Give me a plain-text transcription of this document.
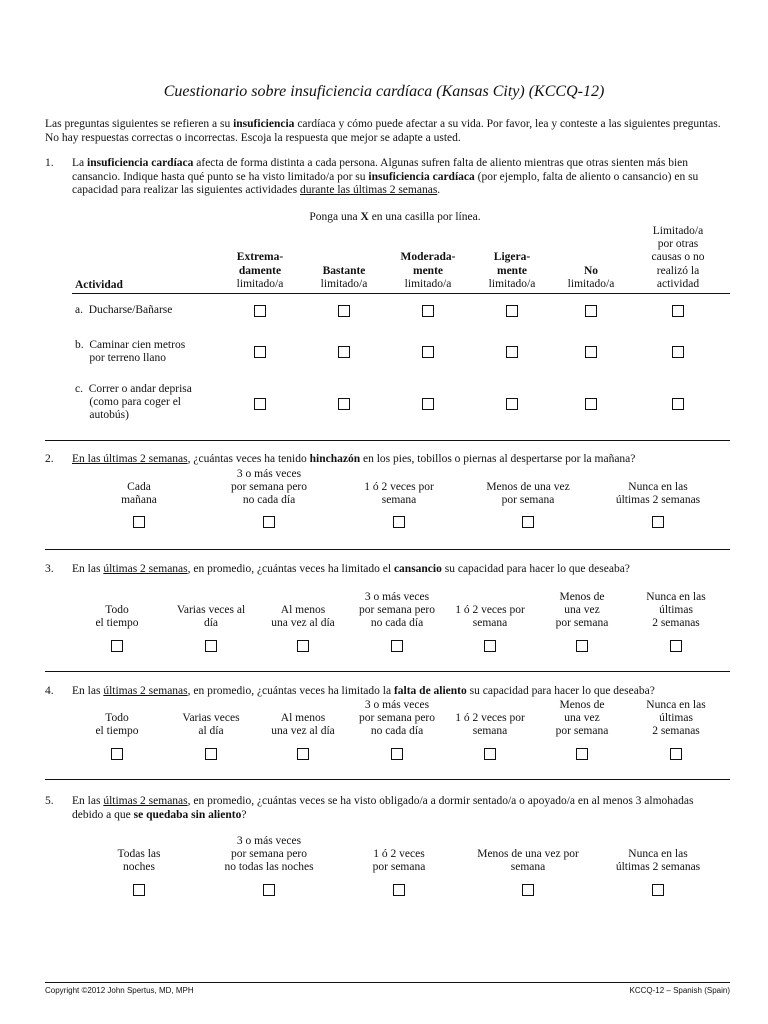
Cuestionario sobre insuficiencia cardíaca (Kansas City) (KCCQ-12)
Las preguntas siguientes se refieren a su insuficiencia cardíaca y cómo puede afectar a su vida. Por favor, lea y conteste a las siguientes preguntas. No hay respuestas correctas o incorrectas. Escoja la respuesta que mejor se adapte a usted.
1. La insuficiencia cardíaca afecta de forma distinta a cada persona. Algunas sufren falta de aliento mientras que otras sienten más bien cansancio. Indique hasta qué punto se ha visto limitado/a por su insuficiencia cardíaca (por ejemplo, falta de aliento o cansancio) en su capacidad para realizar las siguientes actividades durante las últimas 2 semanas.
Ponga una X en una casilla por línea.
Extrema-
damente
limitado/a
Bastante
limitado/a
Moderada-
mente
limitado/a
Ligera-
mente
limitado/a
No
limitado/a
Limitado/a
por otras
causas o no
realizó la
actividad
a.  Ducharse/Bañarse
b.  Caminar cien metros
por terreno llano
c.  Correr o andar deprisa
(como para coger el
autobús)
Actividad
2. En las últimas 2 semanas, ¿cuántas veces ha tenido hinchazón en los pies, tobillos o piernas al despertarse por la mañana?
Cada
mañana
3 o más veces
por semana pero
no cada día
1 ó 2 veces por
semana
Menos de una vez
por semana
Nunca en las
últimas 2 semanas
3. En las últimas 2 semanas, en promedio, ¿cuántas veces ha limitado el cansancio su capacidad para hacer lo que deseaba?
Todo
el tiempo
Varias veces al
día
Al menos
una vez al día
3 o más veces
por semana pero
no cada día
1 ó 2 veces por
semana
Menos de
una vez
por semana
Nunca en las
últimas
2 semanas
4. En las últimas 2 semanas, en promedio, ¿cuántas veces ha limitado la falta de aliento su capacidad para hacer lo que deseaba?
Todo
el tiempo
Varias veces
al día
Al menos
una vez al día
3 o más veces
por semana pero
no cada día
1 ó 2 veces por
semana
Menos de
una vez
por semana
Nunca en las
últimas
2 semanas
5. En las últimas 2 semanas, en promedio, ¿cuántas veces se ha visto obligado/a a dormir sentado/a o apoyado/a en al menos 3 almohadas debido a que se quedaba sin aliento?
Todas las
noches
3 o más veces
por semana pero
no todas las noches
1 ó 2 veces
por semana
Menos de una vez por
semana
Nunca en las
últimas 2 semanas
Copyright ©2012 John Spertus, MD, MPH	KCCQ-12 – Spanish (Spain)
